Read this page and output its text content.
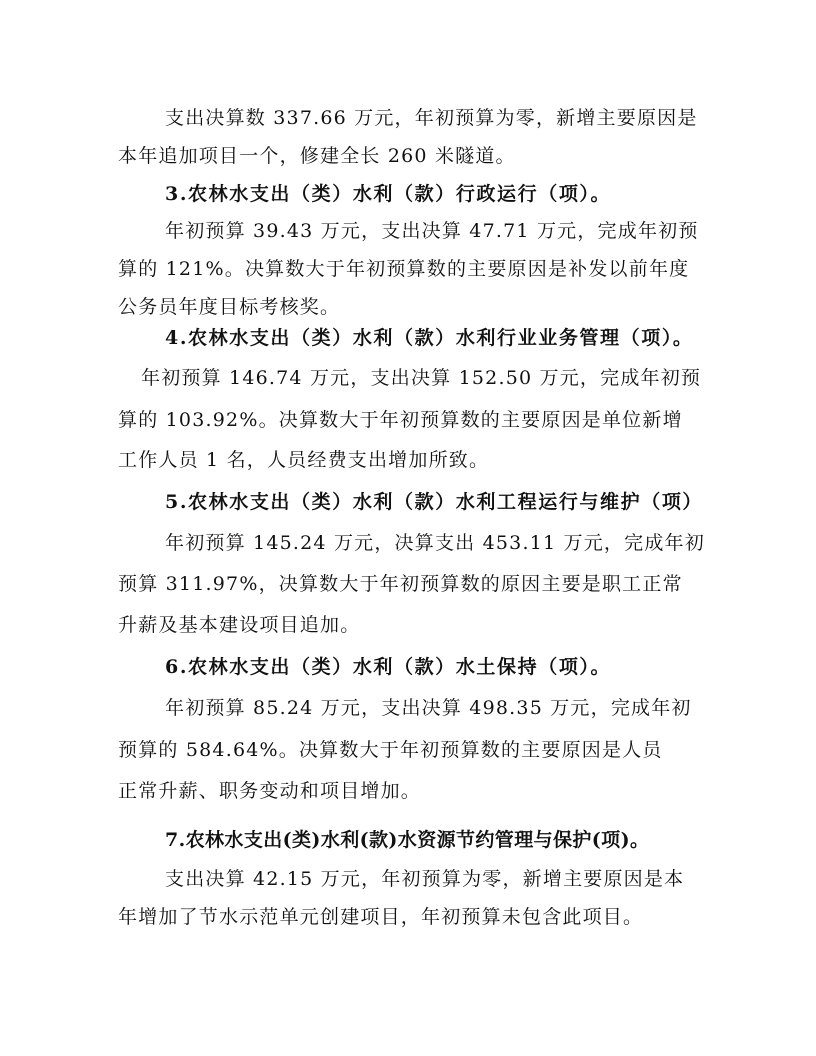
支出决算数 337.66 万元，年初预算为零，新增主要原因是
本年追加项目一个，修建全长 260 米隧道。
3.农林水支出（类）水利（款）行政运行（项）。
年初预算 39.43 万元，支出决算 47.71 万元，完成年初预
算的 121%。决算数大于年初预算数的主要原因是补发以前年度
公务员年度目标考核奖。
4.农林水支出（类）水利（款）水利行业业务管理（项）。
年初预算 146.74 万元，支出决算 152.50 万元，完成年初预
算的 103.92%。决算数大于年初预算数的主要原因是单位新增
工作人员 1 名，人员经费支出增加所致。
5.农林水支出（类）水利（款）水利工程运行与维护（项）
年初预算 145.24 万元，决算支出 453.11 万元，完成年初
预算 311.97%，决算数大于年初预算数的原因主要是职工正常
升薪及基本建设项目追加。
6.农林水支出（类）水利（款）水土保持（项）。
年初预算 85.24 万元，支出决算 498.35 万元，完成年初
预算的 584.64%。决算数大于年初预算数的主要原因是人员
正常升薪、职务变动和项目增加。
7.农林水支出(类)水利(款)水资源节约管理与保护(项)。
支出决算 42.15 万元，年初预算为零，新增主要原因是本
年增加了节水示范单元创建项目，年初预算未包含此项目。
